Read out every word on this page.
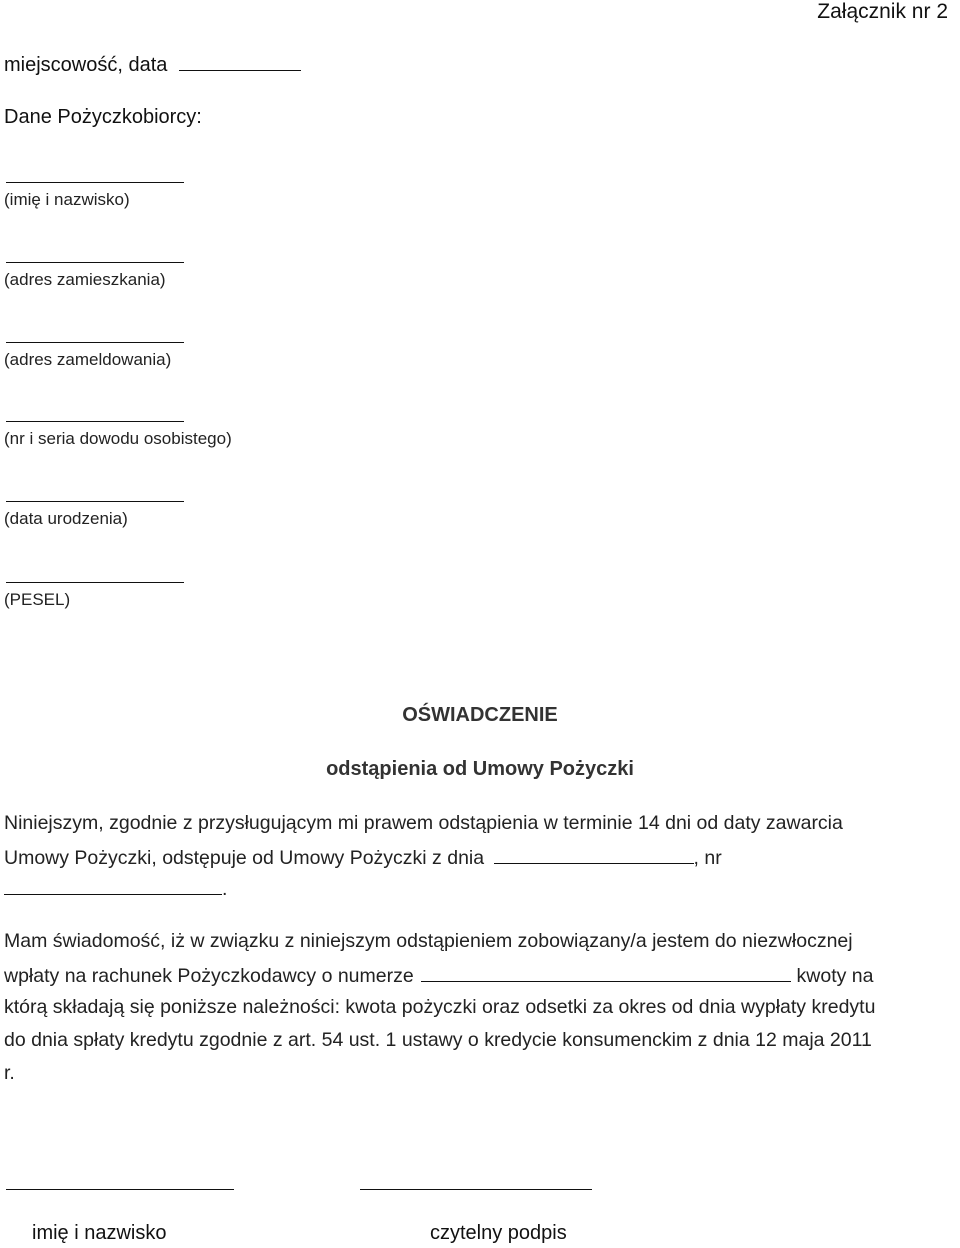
Załącznik nr 2
miejscowość, data
Dane Pożyczkobiorcy:
(imię i nazwisko)
(adres zamieszkania)
(adres zameldowania)
(nr i seria dowodu osobistego)
(data urodzenia)
(PESEL)
OŚWIADCZENIE
odstąpienia od Umowy Pożyczki
Niniejszym, zgodnie z przysługującym mi prawem odstąpienia w terminie 14 dni od daty zawarcia
Umowy Pożyczki, odstępuje od Umowy Pożyczki z dnia	, nr
.
Mam świadomość, iż w związku z niniejszym odstąpieniem zobowiązany/a jestem do niezwłocznej
wpłaty na rachunek Pożyczkodawcy o numerze	kwoty na
którą składają się poniższe należności: kwota pożyczki oraz odsetki za okres od dnia wypłaty kredytu
do dnia spłaty kredytu zgodnie z art. 54 ust. 1 ustawy o kredycie konsumenckim z dnia 12 maja 2011
r.
imię i nazwisko	czytelny podpis
